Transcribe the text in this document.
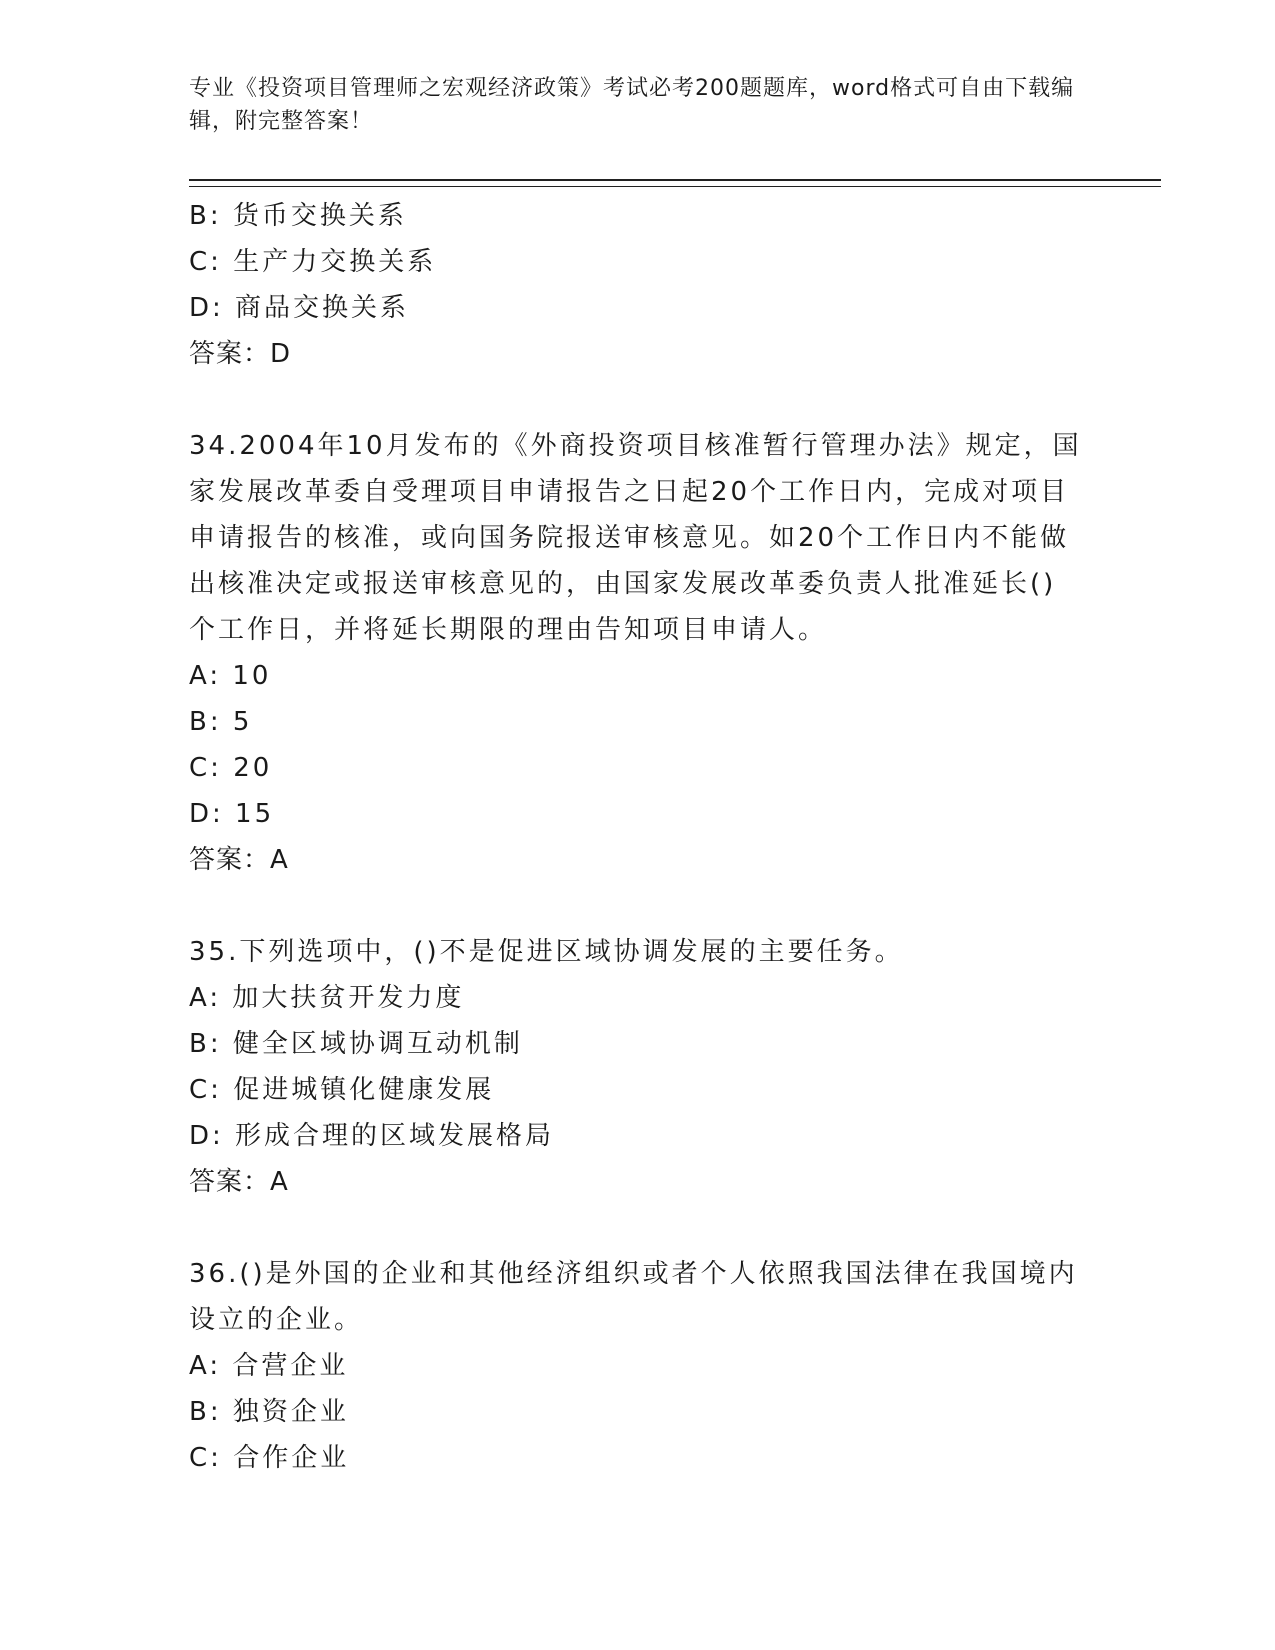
专业《投资项目管理师之宏观经济政策》考试必考200题题库，word格式可自由下载编辑，附完整答案！
B: 货币交换关系
C: 生产力交换关系
D: 商品交换关系
答案：D
34.2004年10月发布的《外商投资项目核准暂行管理办法》规定，国
家发展改革委自受理项目申请报告之日起20个工作日内，完成对项目
申请报告的核准，或向国务院报送审核意见。如20个工作日内不能做
出核准决定或报送审核意见的，由国家发展改革委负责人批准延长()
个工作日，并将延长期限的理由告知项目申请人。
A: 10
B: 5
C: 20
D: 15
答案：A
35.下列选项中，()不是促进区域协调发展的主要任务。
A: 加大扶贫开发力度
B: 健全区域协调互动机制
C: 促进城镇化健康发展
D: 形成合理的区域发展格局
答案：A
36.()是外国的企业和其他经济组织或者个人依照我国法律在我国境内
设立的企业。
A: 合营企业
B: 独资企业
C: 合作企业
